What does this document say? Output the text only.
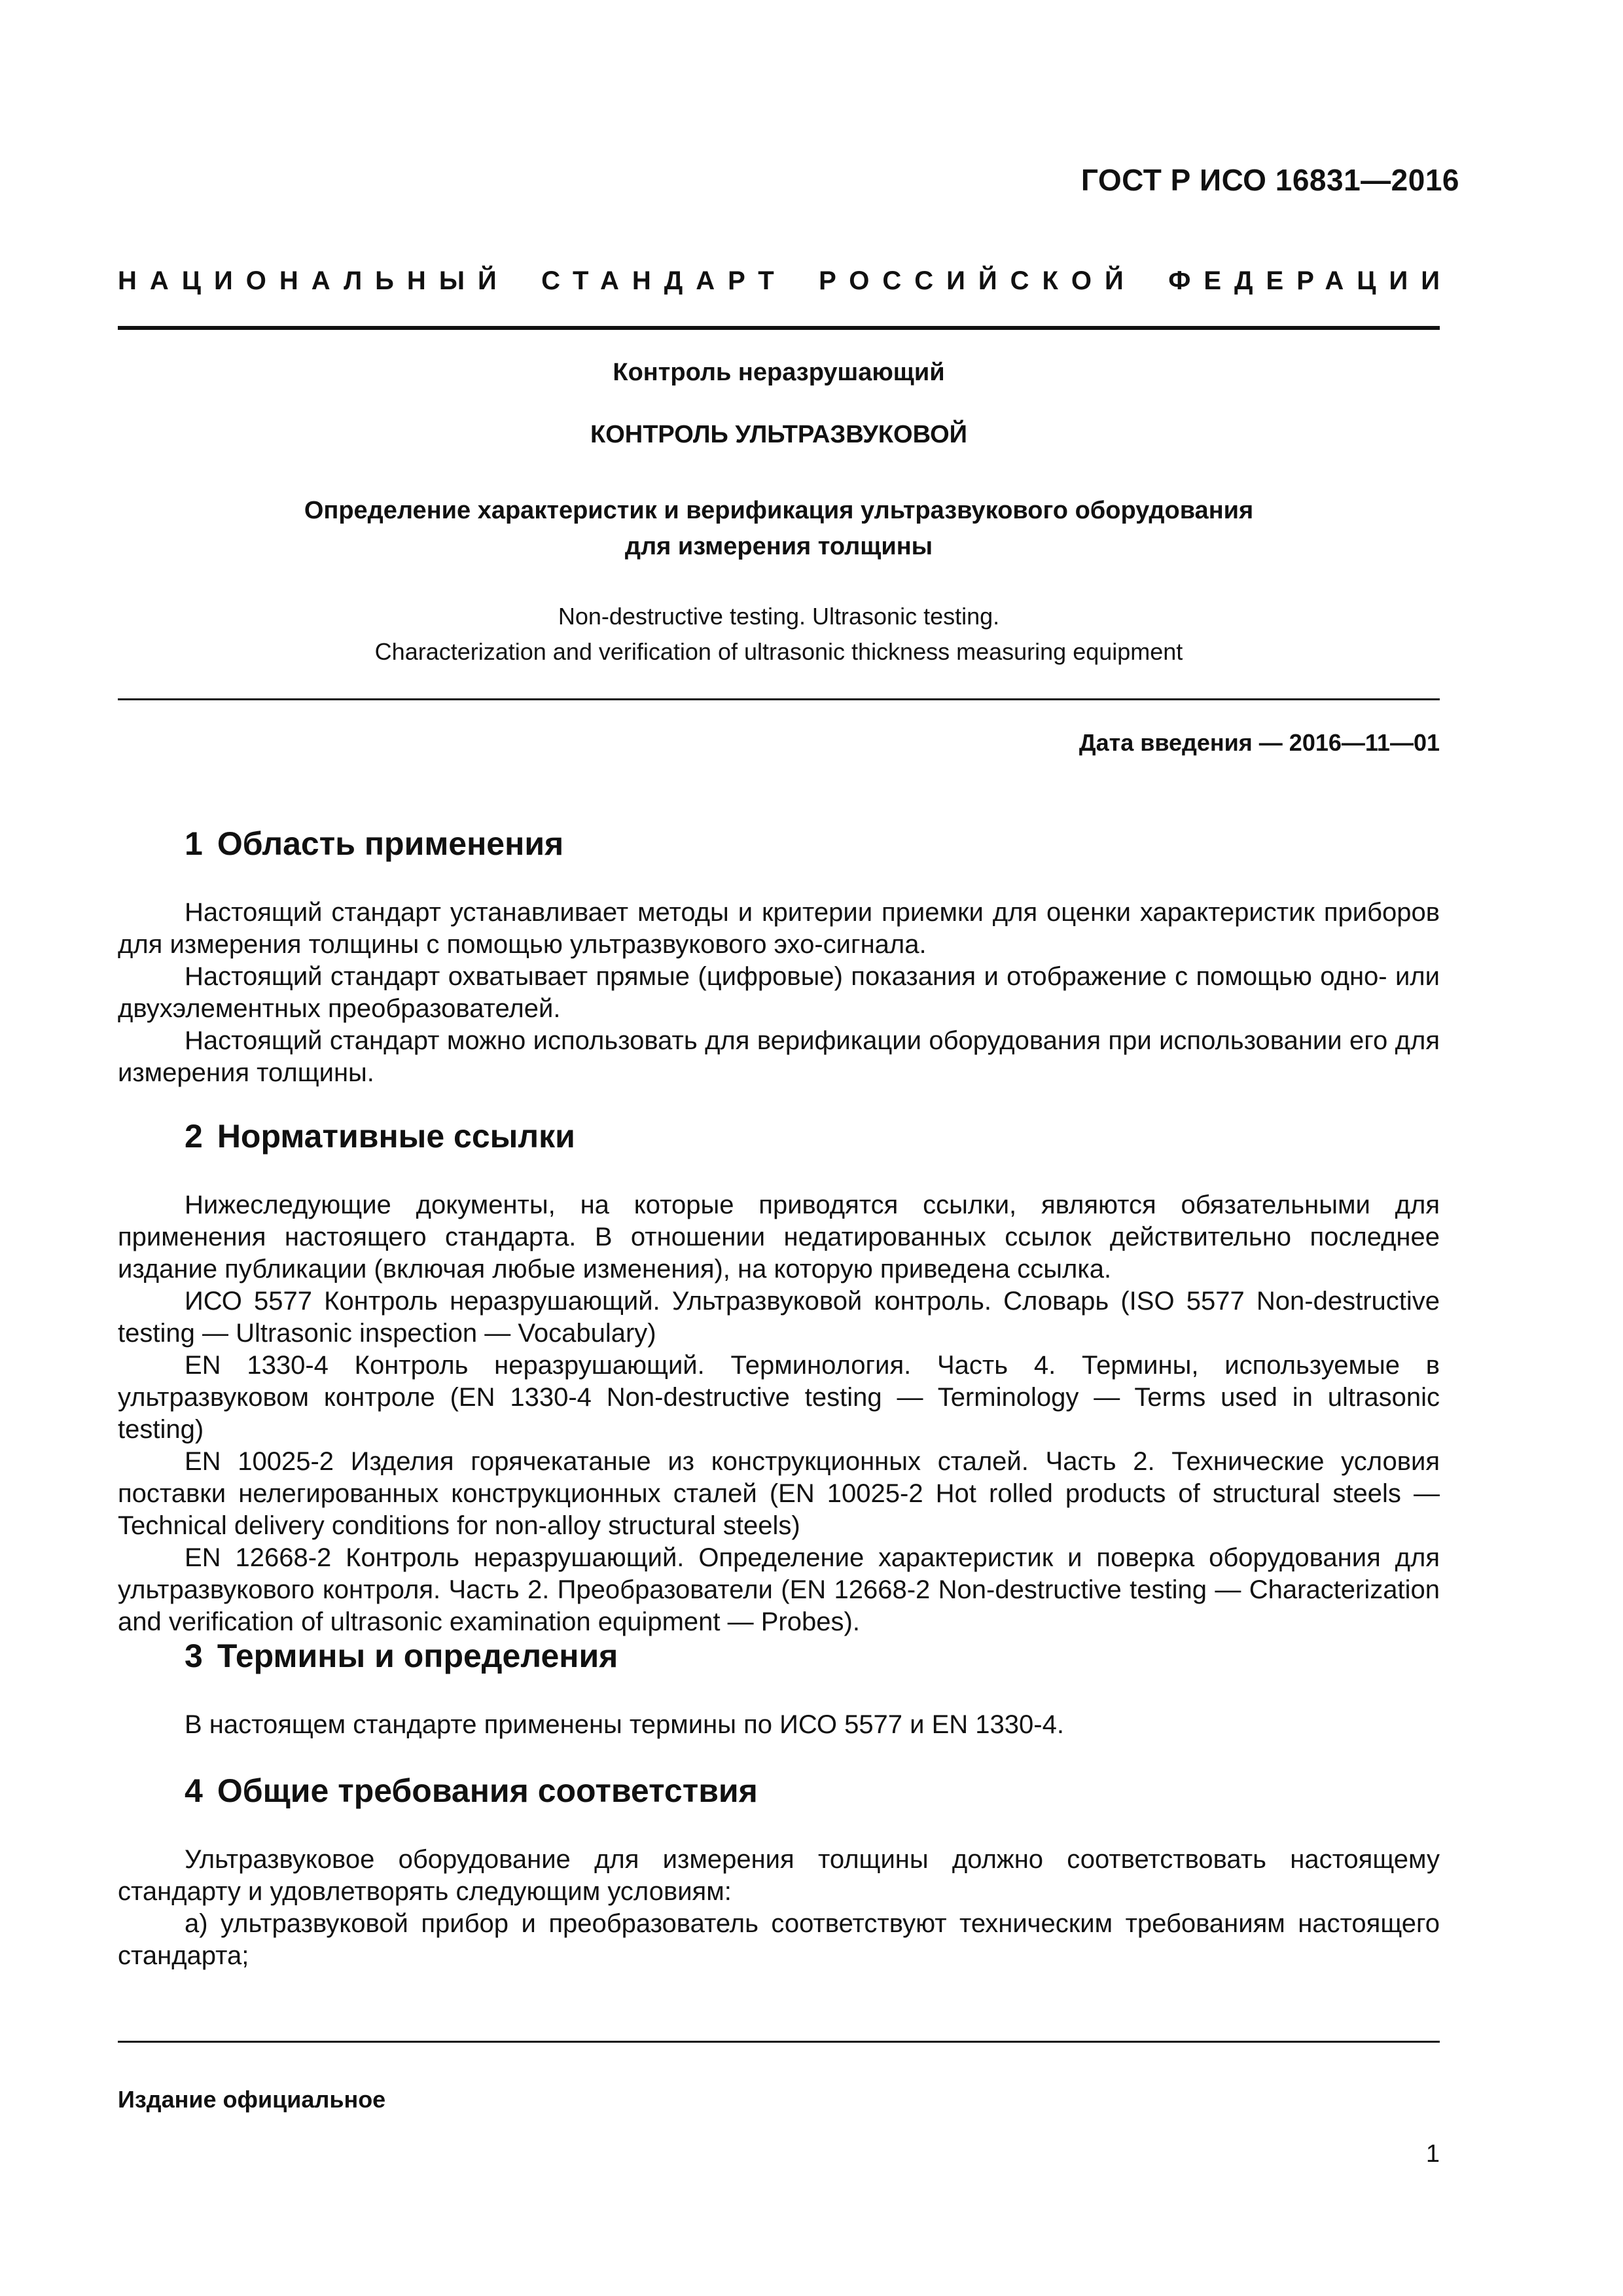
ГОСТ Р ИСО 16831—2016
НАЦИОНАЛЬНЫЙ СТАНДАРТ РОССИЙСКОЙ ФЕДЕРАЦИИ
Контроль неразрушающий
КОНТРОЛЬ УЛЬТРАЗВУКОВОЙ
Определение характеристик и верификация ультразвукового оборудования
для измерения толщины
Non-destructive testing. Ultrasonic testing.
Characterization and verification of ultrasonic thickness measuring equipment
Дата введения — 2016—11—01
1 Область применения

Настоящий стандарт устанавливает методы и критерии приемки для оценки характеристик приборов для измерения толщины с помощью ультразвукового эхо-сигнала.

Настоящий стандарт охватывает прямые (цифровые) показания и отображение с помощью одно- или двухэлементных преобразователей.

Настоящий стандарт можно использовать для верификации оборудования при использовании его для измерения толщины.

2 Нормативные ссылки

Нижеследующие документы, на которые приводятся ссылки, являются обязательными для применения настоящего стандарта. В отношении недатированных ссылок действительно последнее издание публикации (включая любые изменения), на которую приведена ссылка.

ИСО 5577 Контроль неразрушающий. Ультразвуковой контроль. Словарь (ISO 5577 Non-destructive testing — Ultrasonic inspection — Vocabulary)

EN 1330-4 Контроль неразрушающий. Терминология. Часть 4. Термины, используемые в ультразвуковом контроле (EN 1330-4 Non-destructive testing — Terminology — Terms used in ultrasonic testing)

EN 10025-2 Изделия горячекатаные из конструкционных сталей. Часть 2. Технические условия поставки нелегированных конструкционных сталей (EN 10025-2 Hot rolled products of structural steels — Technical delivery conditions for non-alloy structural steels)

EN 12668-2 Контроль неразрушающий. Определение характеристик и поверка оборудования для ультразвукового контроля. Часть 2. Преобразователи (EN 12668-2 Non-destructive testing — Characterization and verification of ultrasonic examination equipment — Probes).

3 Термины и определения

В настоящем стандарте применены термины по ИСО 5577 и EN 1330-4.

4 Общие требования соответствия

Ультразвуковое оборудование для измерения толщины должно соответствовать настоящему стандарту и удовлетворять следующим условиям:

а) ультразвуковой прибор и преобразователь соответствуют техническим требованиям настоящего стандарта;

Издание официальное
1
